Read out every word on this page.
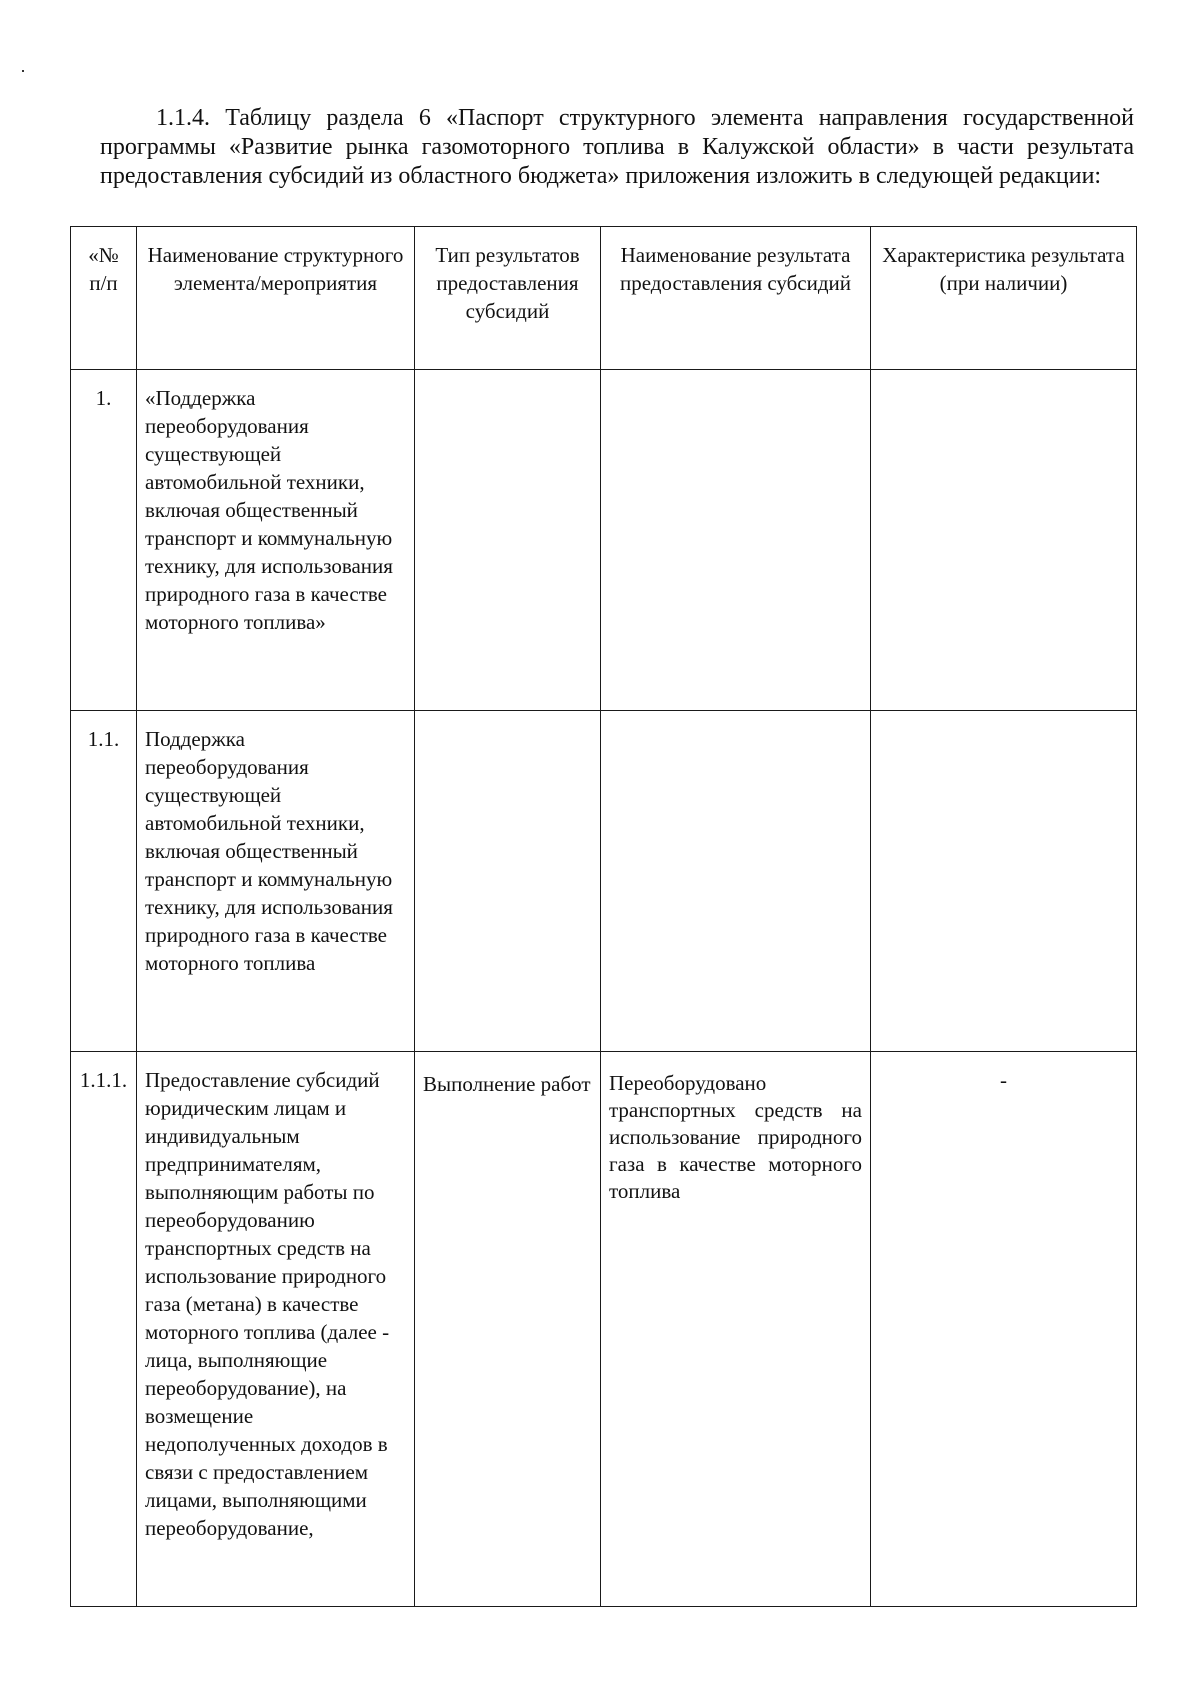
1.1.4. Таблицу раздела 6 «Паспорт структурного элемента направления государственной программы «Развитие рынка газомоторного топлива в Калужской области» в части результата предоставления субсидий из областного бюджета» приложения изложить в следующей редакции:

«№ п/п	Наименование структурного элемента/мероприятия	Тип результатов предоставления субсидий	Наименование результата предоставления субсидий	Характеристика результата (при наличии)
1.	«Поддержка переоборудования существующей автомобильной техники, включая общественный транспорт и коммунальную технику, для использования природного газа в качестве моторного топлива»			
1.1.	Поддержка переоборудования существующей автомобильной техники, включая общественный транспорт и коммунальную технику, для использования природного газа в качестве моторного топлива			
1.1.1.	Предоставление субсидий юридическим лицам и индивидуальным предпринимателям, выполняющим работы по переоборудованию транспортных средств на использование природного газа (метана) в качестве моторного топлива (далее - лица, выполняющие переоборудование), на возмещение недополученных доходов в связи с предоставлением лицами, выполняющими переоборудование,	Выполнение работ	Переоборудовано транспортных средств на использование природного газа в качестве моторного топлива	-
